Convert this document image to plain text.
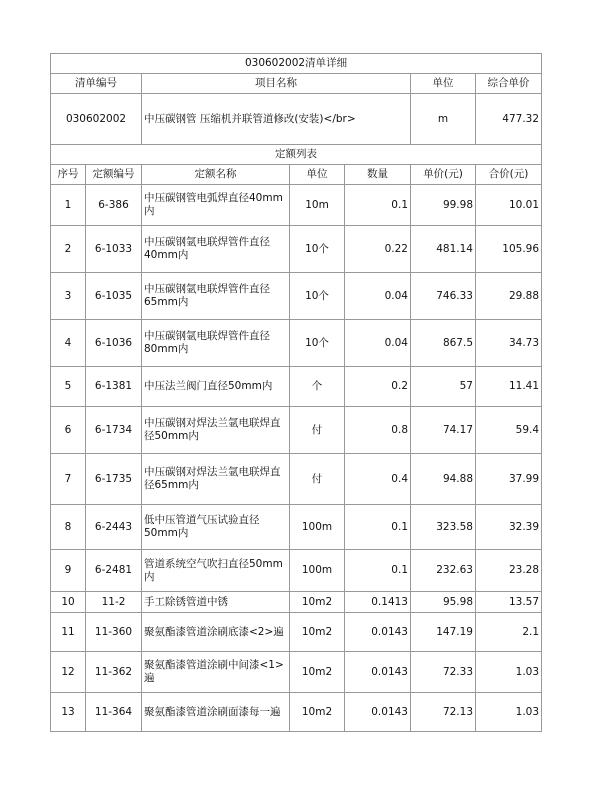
030602002清单详细						
清单编号		项目名称			单位	综合单价
030602002		中压碳钢管 压缩机并联管道修改(安装)</br>			m	477.32
定额列表						
序号	定额编号	定额名称	单位	数量	单价(元)	合价(元)
1	6-386	中压碳钢管电弧焊直径40mm内	10m	0.1	99.98	10.01
2	6-1033	中压碳钢氩电联焊管件直径40mm内	10个	0.22	481.14	105.96
3	6-1035	中压碳钢氩电联焊管件直径65mm内	10个	0.04	746.33	29.88
4	6-1036	中压碳钢氩电联焊管件直径80mm内	10个	0.04	867.5	34.73
5	6-1381	中压法兰阀门直径50mm内	个	0.2	57	11.41
6	6-1734	中压碳钢对焊法兰氩电联焊直径50mm内	付	0.8	74.17	59.4
7	6-1735	中压碳钢对焊法兰氩电联焊直径65mm内	付	0.4	94.88	37.99
8	6-2443	低中压管道气压试验直径50mm内	100m	0.1	323.58	32.39
9	6-2481	管道系统空气吹扫直径50mm内	100m	0.1	232.63	23.28
10	11-2	手工除锈管道中锈	10m2	0.1413	95.98	13.57
11	11-360	聚氨酯漆管道涂刷底漆<2>遍	10m2	0.0143	147.19	2.1
12	11-362	聚氨酯漆管道涂刷中间漆<1>遍	10m2	0.0143	72.33	1.03
13	11-364	聚氨酯漆管道涂刷面漆每一遍	10m2	0.0143	72.13	1.03
